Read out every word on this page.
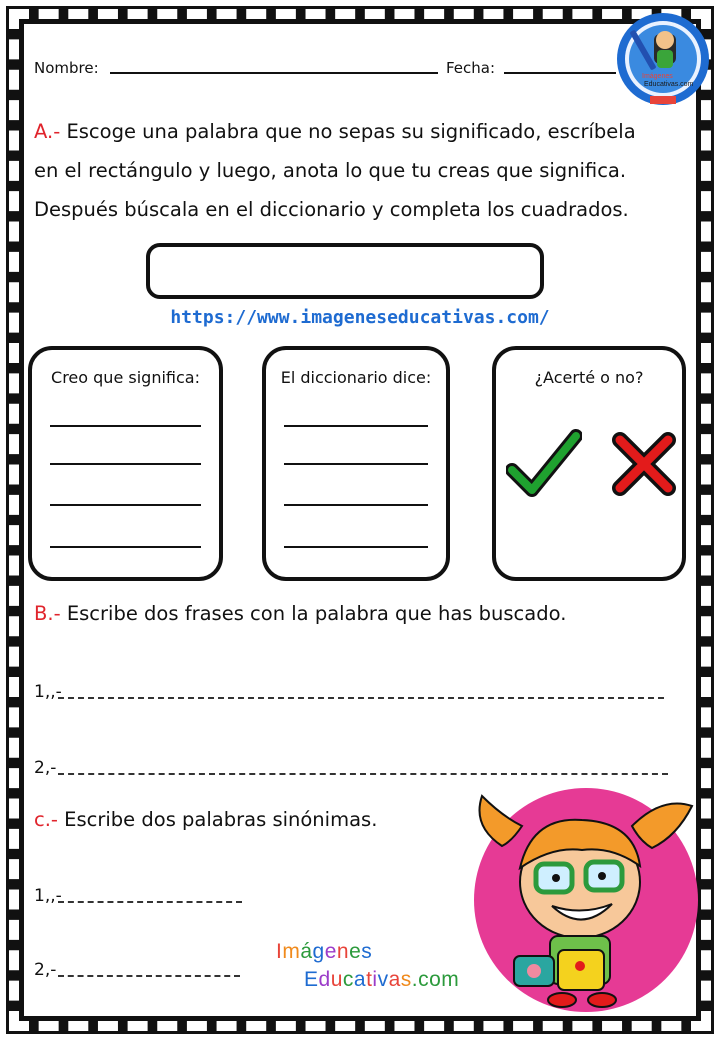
Nombre:	Fecha:	Imágenes
Educativas.com
A.- Escoge una palabra que no sepas su significado, escríbela
en el rectángulo y luego, anota lo que tu creas que significa.
Después búscala en el diccionario y completa los cuadrados.
https://www.imageneseducativas.com/
Creo que significa:	El diccionario dice:	¿Acerté o no?
B.- Escribe dos frases con la palabra que has buscado.
1,,-
2,-
c.- Escribe dos palabras sinónimas.
1,,-
2,-
Imágenes
Educativas.com
